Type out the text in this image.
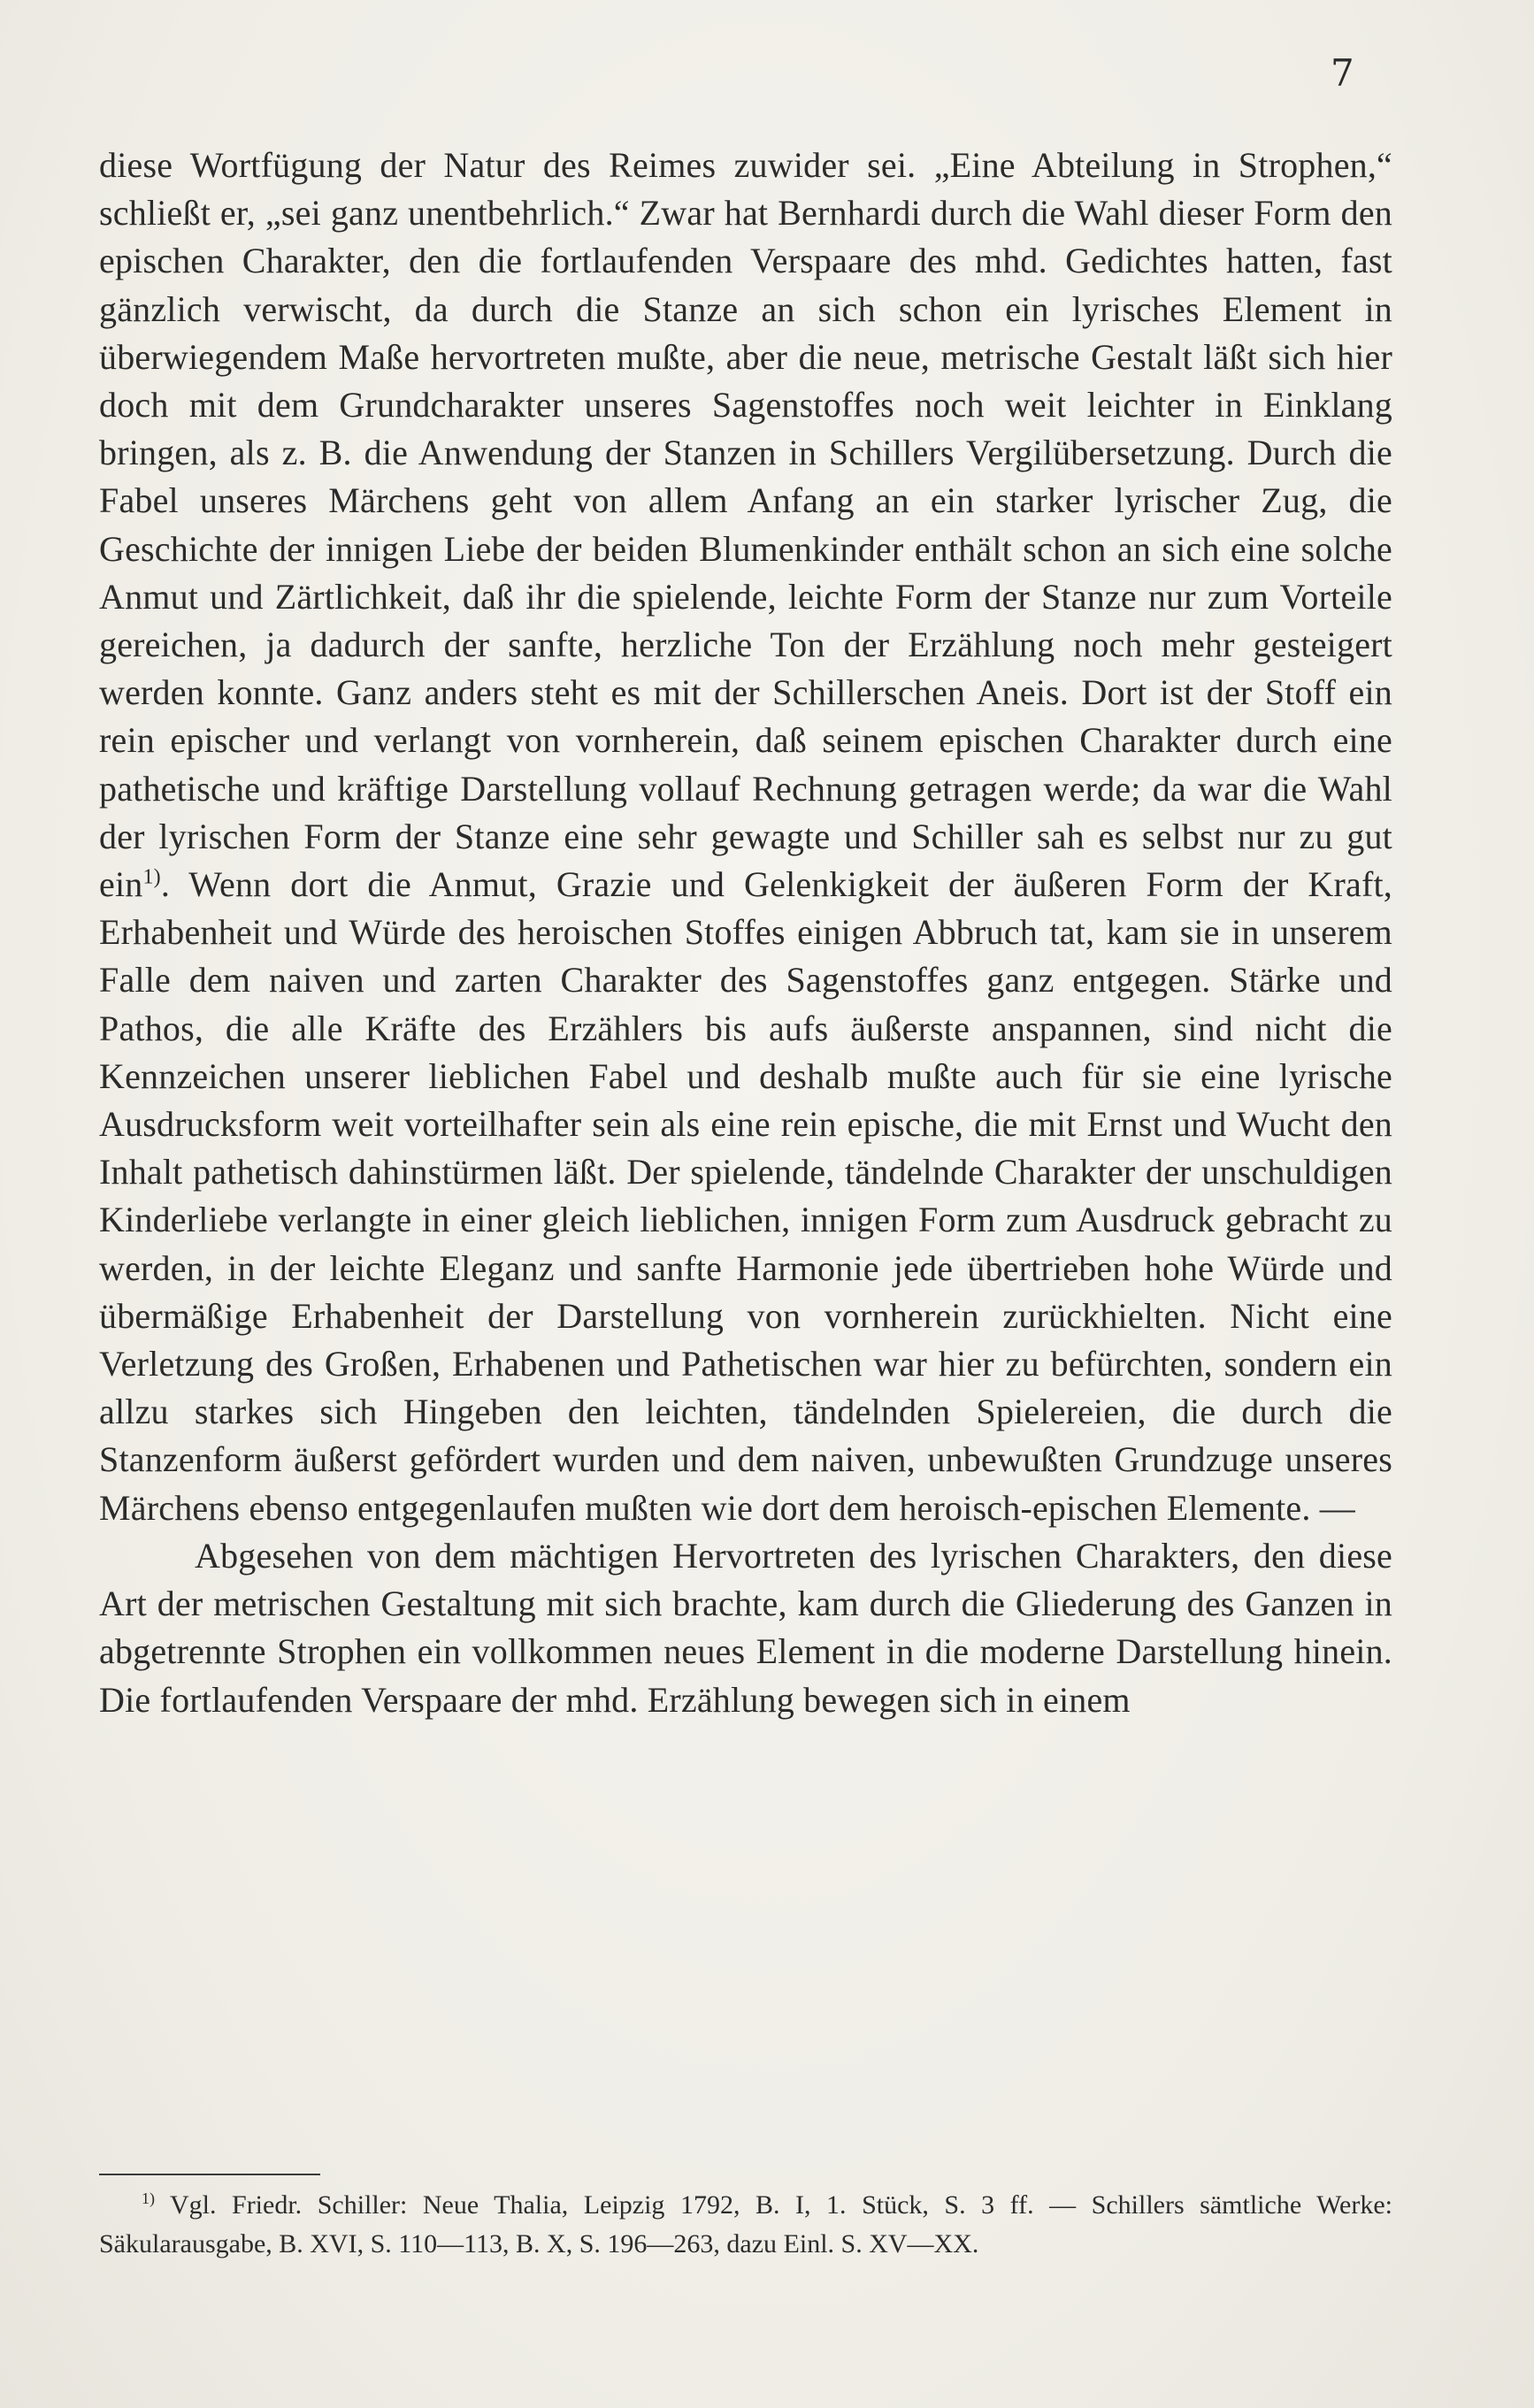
7

diese Wortfügung der Natur des Reimes zuwider sei. „Eine Abteilung in Strophen,“ schließt er, „sei ganz unentbehrlich.“ Zwar hat Bernhardi durch die Wahl dieser Form den epischen Charakter, den die fortlaufenden Verspaare des mhd. Gedichtes hatten, fast gänzlich verwischt, da durch die Stanze an sich schon ein lyrisches Element in überwiegendem Maße hervortreten mußte, aber die neue, metrische Gestalt läßt sich hier doch mit dem Grundcharakter unseres Sagenstoffes noch weit leichter in Einklang bringen, als z. B. die Anwendung der Stanzen in Schillers Vergilübersetzung. Durch die Fabel unseres Märchens geht von allem Anfang an ein starker lyrischer Zug, die Geschichte der innigen Liebe der beiden Blumenkinder enthält schon an sich eine solche Anmut und Zärtlichkeit, daß ihr die spielende, leichte Form der Stanze nur zum Vorteile gereichen, ja dadurch der sanfte, herzliche Ton der Erzählung noch mehr gesteigert werden konnte. Ganz anders steht es mit der Schillerschen Aneis. Dort ist der Stoff ein rein epischer und verlangt von vornherein, daß seinem epischen Charakter durch eine pathetische und kräftige Darstellung vollauf Rechnung getragen werde; da war die Wahl der lyrischen Form der Stanze eine sehr gewagte und Schiller sah es selbst nur zu gut ein$^{1)}$. Wenn dort die Anmut, Grazie und Gelenkigkeit der äußeren Form der Kraft, Erhabenheit und Würde des heroischen Stoffes einigen Abbruch tat, kam sie in unserem Falle dem naiven und zarten Charakter des Sagenstoffes ganz entgegen. Stärke und Pathos, die alle Kräfte des Erzählers bis aufs äußerste anspannen, sind nicht die Kennzeichen unserer lieblichen Fabel und deshalb mußte auch für sie eine lyrische Ausdrucksform weit vorteilhafter sein als eine rein epische, die mit Ernst und Wucht den Inhalt pathetisch dahinstürmen läßt. Der spielende, tändelnde Charakter der unschuldigen Kinderliebe verlangte in einer gleich lieblichen, innigen Form zum Ausdruck gebracht zu werden, in der leichte Eleganz und sanfte Harmonie jede übertrieben hohe Würde und übermäßige Erhabenheit der Darstellung von vornherein zurückhielten. Nicht eine Verletzung des Großen, Erhabenen und Pathetischen war hier zu befürchten, sondern ein allzu starkes sich Hingeben den leichten, tändelnden Spielereien, die durch die Stanzenform äußerst gefördert wurden und dem naiven, unbewußten Grundzuge unseres Märchens ebenso entgegenlaufen mußten wie dort dem heroisch-epischen Elemente. —

Abgesehen von dem mächtigen Hervortreten des lyrischen Charakters, den diese Art der metrischen Gestaltung mit sich brachte, kam durch die Gliederung des Ganzen in abgetrennte Strophen ein vollkommen neues Element in die moderne Darstellung hinein. Die fortlaufenden Verspaare der mhd. Erzählung bewegen sich in einem

$^{1)}$ Vgl. Friedr. Schiller: Neue Thalia, Leipzig 1792, B. I, 1. Stück, S. 3 ff. — Schillers sämtliche Werke: Säkularausgabe, B. XVI, S. 110—113, B. X, S. 196—263, dazu Einl. S. XV—XX.
